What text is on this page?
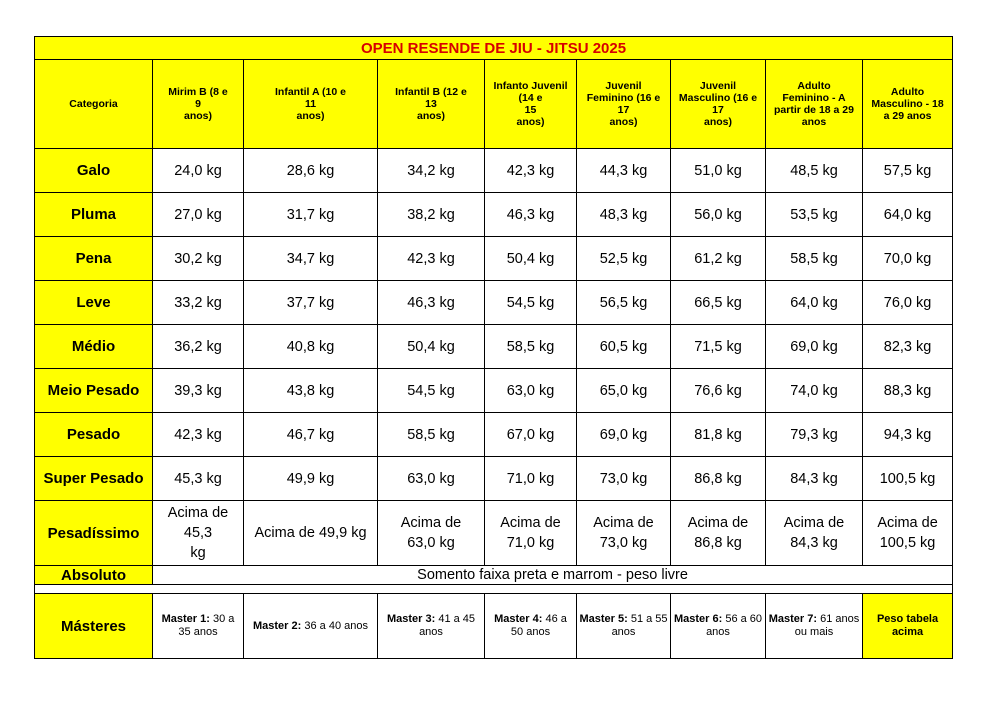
OPEN RESENDE DE JIU - JITSU 2025								
Categoria	Mirim B (8 e
9
anos)	Infantil A (10 e
11
anos)	Infantil B (12 e
13
anos)	Infanto Juvenil
(14 e
15
anos)	Juvenil
Feminino (16 e
17
anos)	Juvenil
Masculino (16 e
17
anos)	Adulto
Feminino - A
partir de 18 a 29
anos	Adulto
Masculino - 18
a 29 anos
Galo	24,0 kg	28,6 kg	34,2 kg	42,3 kg	44,3 kg	51,0 kg	48,5 kg	57,5 kg
Pluma	27,0 kg	31,7 kg	38,2 kg	46,3 kg	48,3 kg	56,0 kg	53,5 kg	64,0 kg
Pena	30,2 kg	34,7 kg	42,3 kg	50,4 kg	52,5 kg	61,2 kg	58,5 kg	70,0 kg
Leve	33,2 kg	37,7 kg	46,3 kg	54,5 kg	56,5 kg	66,5 kg	64,0 kg	76,0 kg
Médio	36,2 kg	40,8 kg	50,4 kg	58,5 kg	60,5 kg	71,5 kg	69,0 kg	82,3 kg
Meio Pesado	39,3 kg	43,8 kg	54,5 kg	63,0 kg	65,0 kg	76,6 kg	74,0 kg	88,3 kg
Pesado	42,3 kg	46,7 kg	58,5 kg	67,0 kg	69,0 kg	81,8 kg	79,3 kg	94,3 kg
Super Pesado	45,3 kg	49,9 kg	63,0 kg	71,0 kg	73,0 kg	86,8 kg	84,3 kg	100,5 kg
Pesadíssimo	Acima de
45,3
kg	Acima de 49,9 kg	Acima de
63,0 kg	Acima de
71,0 kg	Acima de
73,0 kg	Acima de
86,8 kg	Acima de
84,3 kg	Acima de
100,5 kg
Absoluto	Somento faixa preta e marrom - peso livre							

Másteres	Master 1: 30 a 35 anos	Master 2: 36 a 40 anos	Master 3: 41 a 45 anos	Master 4: 46 a 50 anos	Master 5: 51 a 55 anos	Master 6: 56 a 60 anos	Master 7: 61 anos ou mais	Peso tabela acima
